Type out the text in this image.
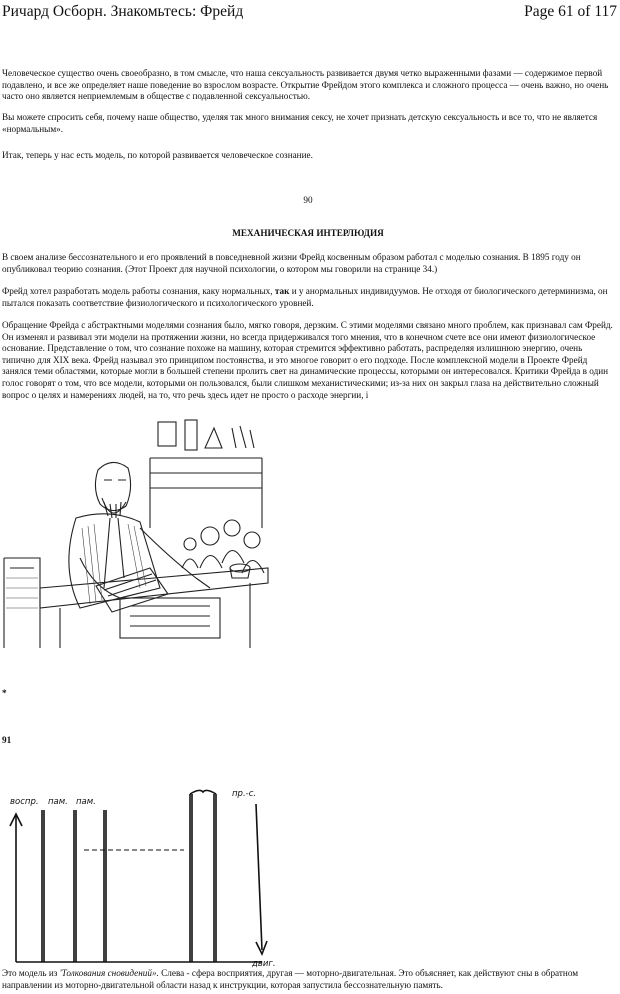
Ричард Осборн. Знакомьтесь: Фрейд	Page 61 of 117

Человеческое существо очень своеобразно, в том смысле, что наша сексуальность развивается двумя четко выраженными фазами — содержимое первой подавлено, и все же определяет наше поведение во взрослом возрасте. Открытие Фрейдом этого комплекса и сложного процесса — очень важно, но очень часто оно является неприемлемым в обществе с подавленной сексуальностью.

Вы можете спросить себя, почему наше общество, уделяя так много внимания сексу, не хочет признать детскую сексуальность и все то, что не является «нормальным».

Итак, теперь у нас есть модель, по которой развивается человеческое сознание.

90

МЕХАНИЧЕСКАЯ ИНТЕРЛЮДИЯ

В своем анализе бессознательного и его проявлений в повседневной жизни Фрейд косвенным образом работал с моделью сознания. В 1895 году он опубликовал теорию сознания. (Этот Проект для научной психологии, о котором мы говорили на странице 34.)

Фрейд хотел разработать модель работы сознания, каку нормальных, так и у анормальных индивидуумов. Не отходя от биологического детерминизма, он пытался показать соответствие физиологического и психологического уровней.

Обращение Фрейда с абстрактными моделями сознания было, мягко говоря, дерзким. С этими моделями связано много проблем, как признавал сам Фрейд. Он изменял и развивал эти модели на протяжении жизни, но всегда придерживался того мнения, что в конечном счете все они имеют физиологическое основание. Представление о том, что сознание похоже на машину, которая стремится эффективно работать, распределяя излишнюю энергию, очень типично для XIX века. Фрейд называл это принципом постоянства, и это многое говорит о его подходе. После комплексной модели в Проекте Фрейд занялся теми областями, которые могли в большей степени пролить свет на динамические процессы, которыми он интересовался. Критики Фрейда в один голос говорят о том, что все модели, которыми он пользовался, были слишком механистическими; из-за них он закрыл глаза на действительно сложный вопрос о целях и намерениях людей, на то, что речь здесь идет не просто о расходе энергии, i

*

91

воспр. пам. пам.
пр.-с.
двиг.

Это модель из 'Толкования сновидений». Слева - сфера восприятия, другая — моторно-двигательная. Это объясняет, как действуют сны в обратном направлении из моторно-двигательной области назад к инструкции, которая запустила бессознательную память.
